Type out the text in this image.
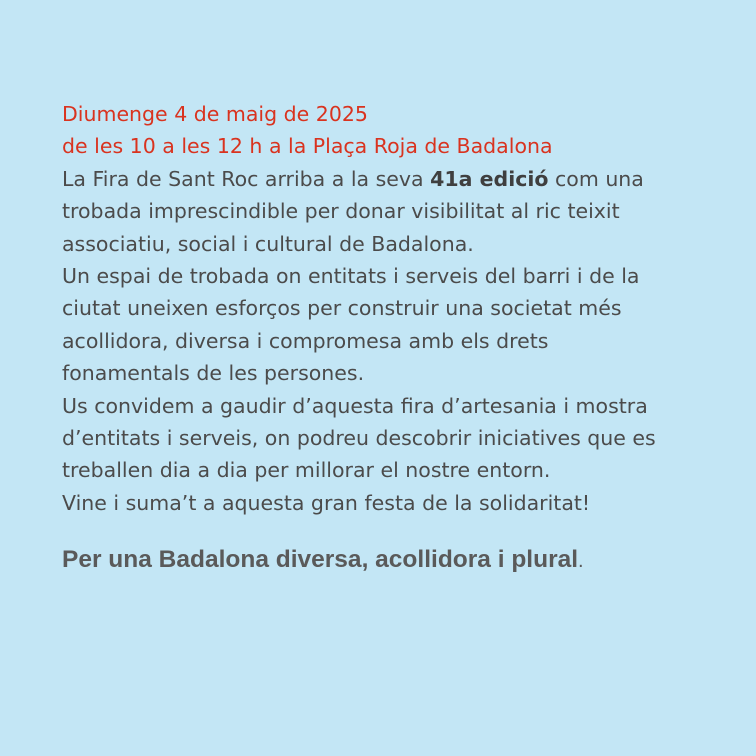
Diumenge 4 de maig de 2025
de les 10 a les 12 h a la Plaça Roja de Badalona
La Fira de Sant Roc arriba a la seva 41a edició com una
trobada imprescindible per donar visibilitat al ric teixit
associatiu, social i cultural de Badalona.
Un espai de trobada on entitats i serveis del barri i de la
ciutat uneixen esforços per construir una societat més
acollidora, diversa i compromesa amb els drets
fonamentals de les persones.
Us convidem a gaudir d’aquesta fira d’artesania i mostra
d’entitats i serveis, on podreu descobrir iniciatives que es
treballen dia a dia per millorar el nostre entorn.
Vine i suma’t a aquesta gran festa de la solidaritat!
Per una Badalona diversa, acollidora i plural.
